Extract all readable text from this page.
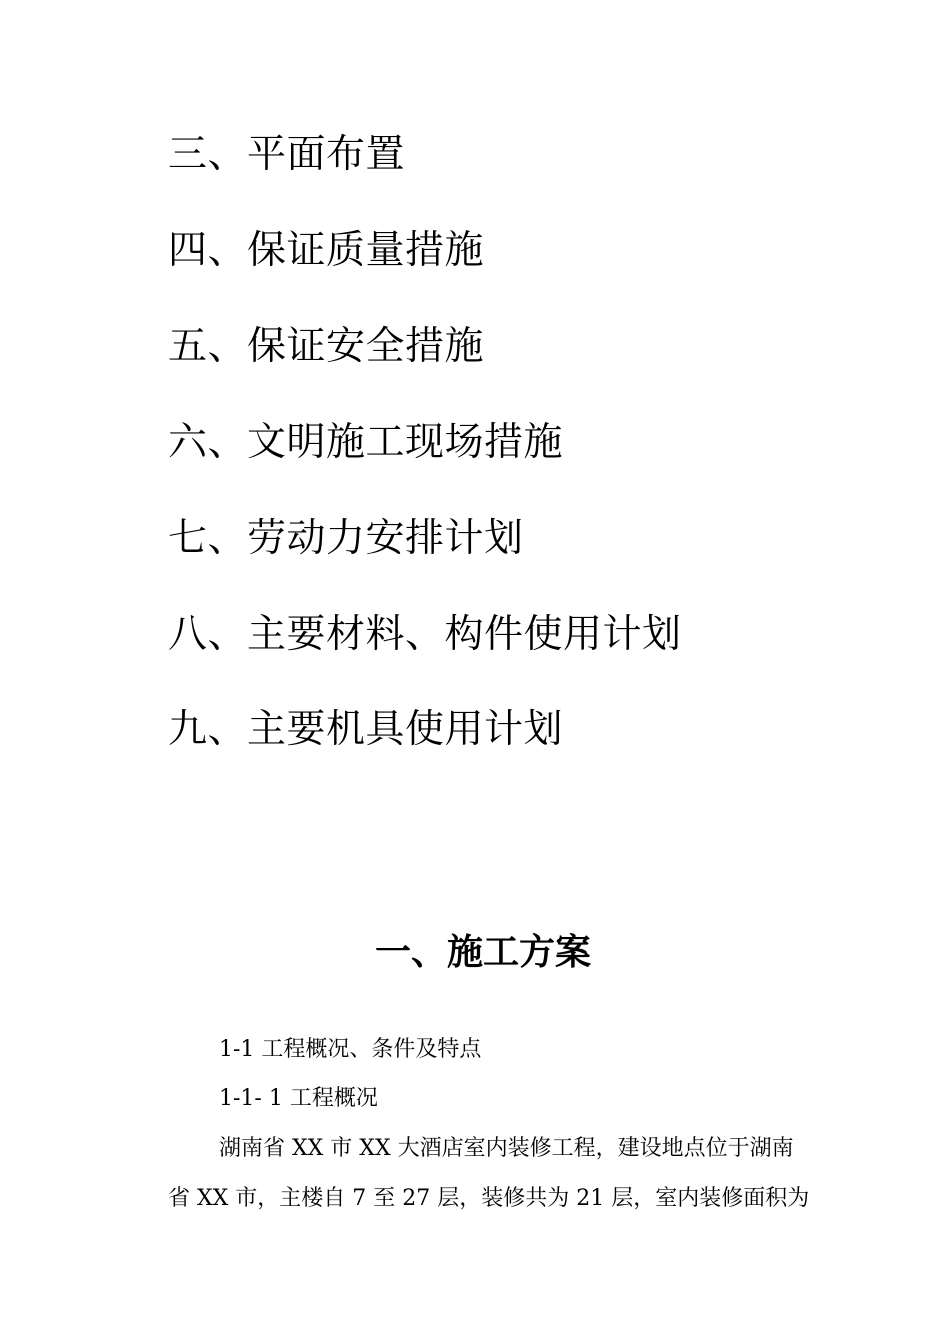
三、平面布置
四、保证质量措施
五、保证安全措施
六、文明施工现场措施
七、劳动力安排计划
八、主要材料、构件使用计划
九、主要机具使用计划
一、施工方案
1-1 工程概况、条件及特点
1-1- 1 工程概况
湖南省 XX 市 XX 大酒店室内装修工程，建设地点位于湖南
省 XX 市，主楼自 7 至 27 层，装修共为 21 层，室内装修面积为
